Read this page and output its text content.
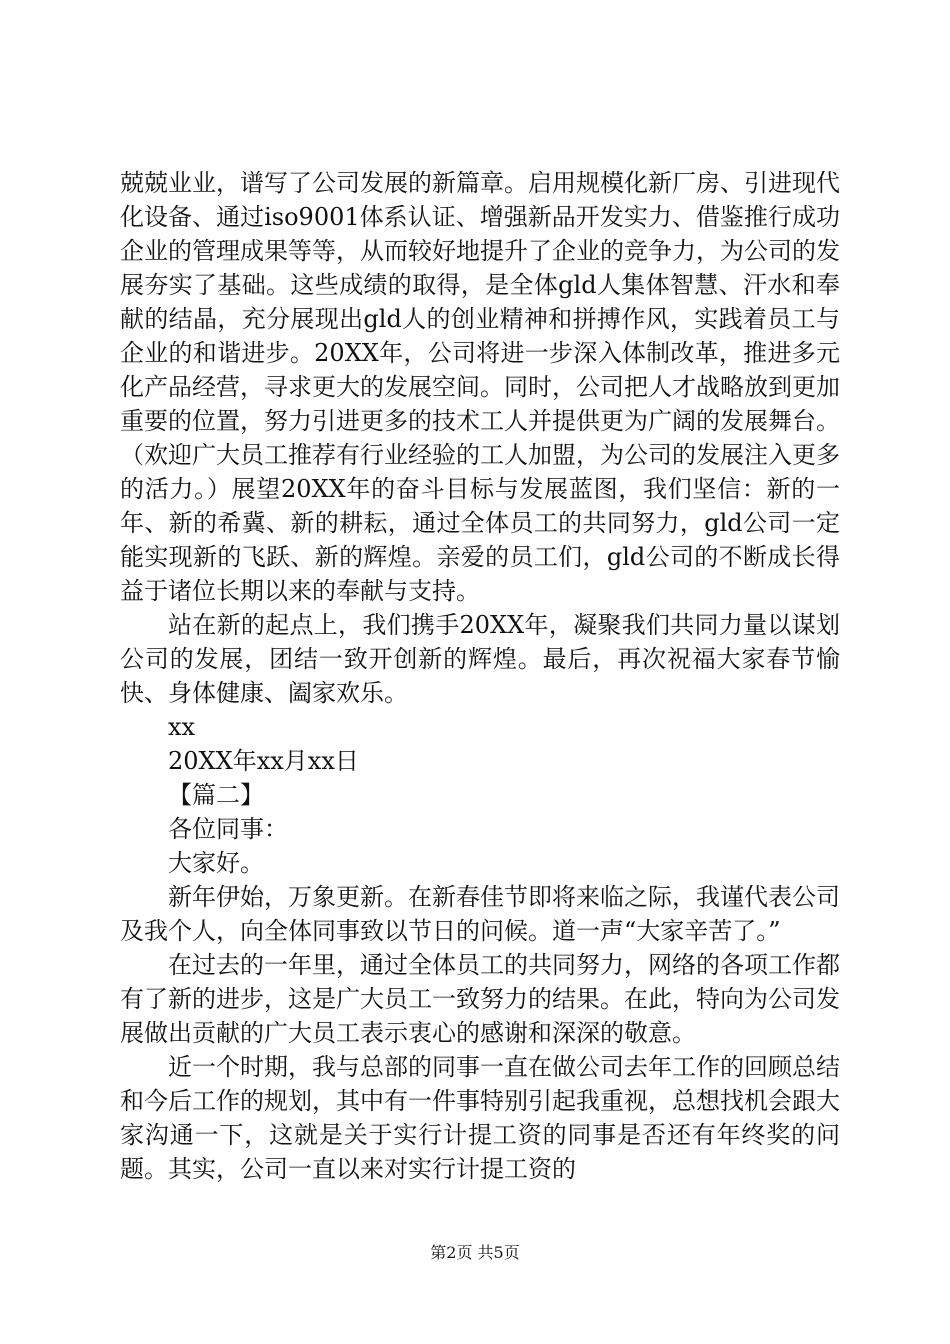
兢兢业业，谱写了公司发展的新篇章。启用规模化新厂房、引进现代化设备、通过iso9001体系认证、增强新品开发实力、借鉴推行成功企业的管理成果等等，从而较好地提升了企业的竞争力，为公司的发展夯实了基础。这些成绩的取得，是全体gld人集体智慧、汗水和奉献的结晶，充分展现出gld人的创业精神和拼搏作风，实践着员工与企业的和谐进步。20XX年，公司将进一步深入体制改革，推进多元化产品经营，寻求更大的发展空间。同时，公司把人才战略放到更加重要的位置，努力引进更多的技术工人并提供更为广阔的发展舞台。（欢迎广大员工推荐有行业经验的工人加盟，为公司的发展注入更多的活力。）展望20XX年的奋斗目标与发展蓝图，我们坚信：新的一年、新的希冀、新的耕耘，通过全体员工的共同努力，gld公司一定能实现新的飞跃、新的辉煌。亲爱的员工们，gld公司的不断成长得益于诸位长期以来的奉献与支持。

站在新的起点上，我们携手20XX年，凝聚我们共同力量以谋划公司的发展，团结一致开创新的辉煌。最后，再次祝福大家春节愉快、身体健康、阖家欢乐。

xx

20XX年xx月xx日

【篇二】

各位同事：

大家好。

新年伊始，万象更新。在新春佳节即将来临之际，我谨代表公司及我个人，向全体同事致以节日的问候。道一声“大家辛苦了。”

在过去的一年里，通过全体员工的共同努力，网络的各项工作都有了新的进步，这是广大员工一致努力的结果。在此，特向为公司发展做出贡献的广大员工表示衷心的感谢和深深的敬意。

近一个时期，我与总部的同事一直在做公司去年工作的回顾总结和今后工作的规划，其中有一件事特别引起我重视，总想找机会跟大家沟通一下，这就是关于实行计提工资的同事是否还有年终奖的问题。其实，公司一直以来对实行计提工资的

第2页 共5页
